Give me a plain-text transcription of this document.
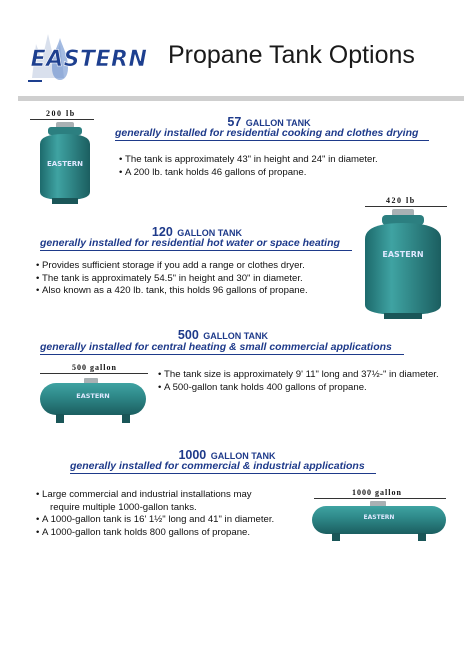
EASTERN Propane Tank Options
200 lb
EASTERN
57 GALLON TANK
generally installed for residential cooking and clothes drying
• The tank is approximately 43" in height and 24" in diameter.
• A 200 lb. tank holds 46 gallons of propane.
420 lb
EASTERN
120 GALLON TANK
generally installed for residential hot water or space heating
• Provides sufficient storage if you add a range or clothes dryer.
• The tank is approximately 54.5" in height and 30" in diameter.
• Also known as a 420 lb. tank, this holds 96 gallons of propane.
500 GALLON TANK
generally installed for central heating & small commercial applications
500 gallon
EASTERN
• The tank size is approximately 9' 11" long and 37½-" in diameter.
• A 500-gallon tank holds 400 gallons of propane.
1000 GALLON TANK
generally installed for commercial & industrial applications
• Large commercial and industrial installations may
require multiple 1000-gallon tanks.
• A 1000-gallon tank is 16' 1½" long and 41" in diameter.
• A 1000-gallon tank holds 800 gallons of propane.
1000 gallon
EASTERN
